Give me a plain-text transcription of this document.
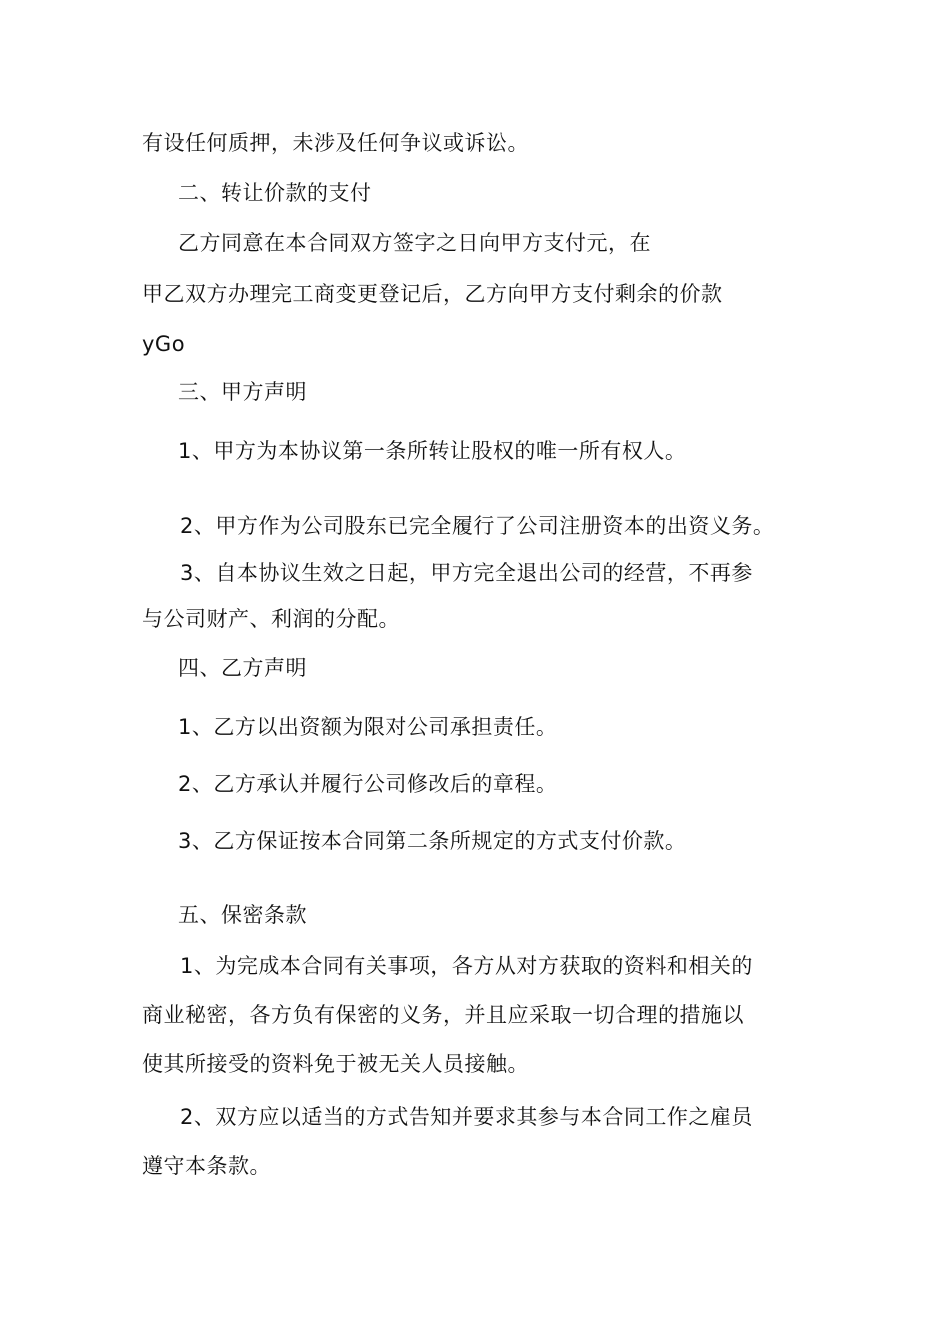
有设任何质押，未涉及任何争议或诉讼。
二、转让价款的支付
乙方同意在本合同双方签字之日向甲方支付元，在
甲乙双方办理完工商变更登记后，乙方向甲方支付剩余的价款
yGo
三、甲方声明
1、甲方为本协议第一条所转让股权的唯一所有权人。
2、甲方作为公司股东已完全履行了公司注册资本的出资义务。
3、自本协议生效之日起，甲方完全退出公司的经营，不再参
与公司财产、利润的分配。
四、乙方声明
1、乙方以出资额为限对公司承担责任。
2、乙方承认并履行公司修改后的章程。
3、乙方保证按本合同第二条所规定的方式支付价款。
五、保密条款
1、为完成本合同有关事项，各方从对方获取的资料和相关的
商业秘密，各方负有保密的义务，并且应采取一切合理的措施以
使其所接受的资料免于被无关人员接触。
2、双方应以适当的方式告知并要求其参与本合同工作之雇员
遵守本条款。
